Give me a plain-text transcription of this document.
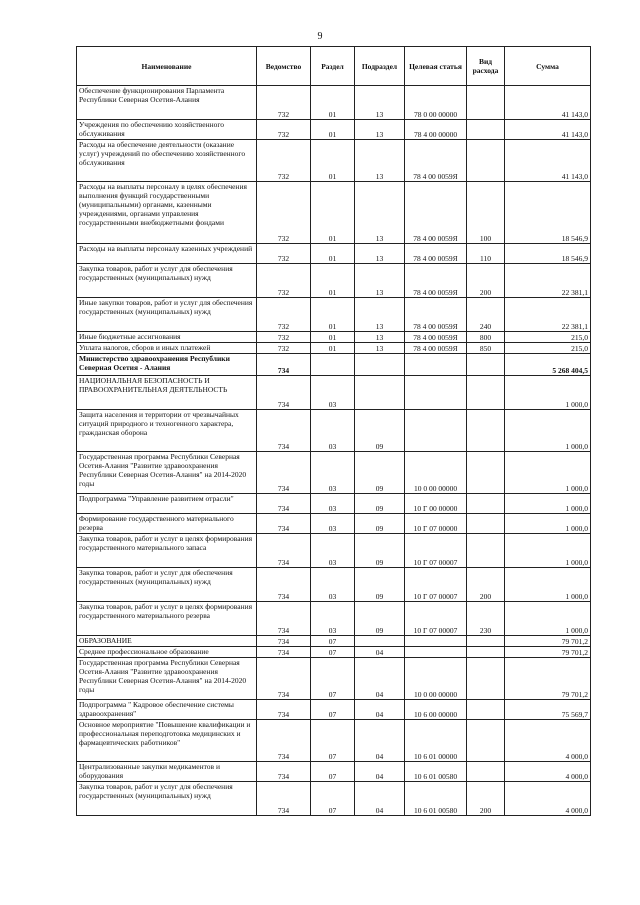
9
Наименование	Ведомство	Раздел	Подраздел	Целевая статья	Вид расхода	Сумма
Обеспечение функционирования Парламента Республики Северная Осетия-Алания	732	01	13	78 0 00 00000		41 143,0
Учреждения по обеспечению хозяйственного обслуживания	732	01	13	78 4 00 00000		41 143,0
Расходы на обеспечение деятельности (оказание услуг) учреждений по обеспечению хозяйственного обслуживания	732	01	13	78 4 00 0059Я		41 143,0
Расходы на выплаты персоналу в целях обеспечения выполнения функций государственными (муниципальными) органами, казенными учреждениями, органами управления государственными внебюджетными фондами	732	01	13	78 4 00 0059Я	100	18 546,9
Расходы на выплаты персоналу казенных учреждений	732	01	13	78 4 00 0059Я	110	18 546,9
Закупка товаров, работ и услуг для обеспечения государственных (муниципальных) нужд	732	01	13	78 4 00 0059Я	200	22 381,1
Иные закупки товаров, работ и услуг для обеспечения государственных (муниципальных) нужд	732	01	13	78 4 00 0059Я	240	22 381,1
Иные бюджетные ассигнования	732	01	13	78 4 00 0059Я	800	215,0
Уплата налогов, сборов и иных платежей	732	01	13	78 4 00 0059Я	850	215,0
Министерство здравоохранения Республики Северная Осетия - Алания	734					5 268 404,5
НАЦИОНАЛЬНАЯ БЕЗОПАСНОСТЬ И ПРАВООХРАНИТЕЛЬНАЯ ДЕЯТЕЛЬНОСТЬ	734	03				1 000,0
Защита населения и территории от чрезвычайных ситуаций природного и техногенного характера, гражданская оборона	734	03	09			1 000,0
Государственная программа Республики Северная Осетия-Алания "Развитие здравоохранения Республики Северная Осетия-Алания" на 2014-2020 годы	734	03	09	10 0 00 00000		1 000,0
Подпрограмма "Управление развитием отрасли"	734	03	09	10 Г 00 00000		1 000,0
Формирование государственного материального резерва	734	03	09	10 Г 07 00000		1 000,0
Закупка товаров, работ и услуг в целях формирования государственного материального запаса	734	03	09	10 Г 07 00007		1 000,0
Закупка товаров, работ и услуг для обеспечения государственных (муниципальных) нужд	734	03	09	10 Г 07 00007	200	1 000,0
Закупка товаров, работ и услуг в целях формирования государственного материального резерва	734	03	09	10 Г 07 00007	230	1 000,0
ОБРАЗОВАНИЕ	734	07				79 701,2
Среднее профессиональное образование	734	07	04			79 701,2
Государственная программа Республики Северная Осетия-Алания "Развитие здравоохранения Республики Северная Осетия-Алания" на 2014-2020 годы	734	07	04	10 0 00 00000		79 701,2
Подпрограмма " Кадровое обеспечение системы здравоохранения"	734	07	04	10 6 00 00000		75 569,7
Основное мероприятие "Повышение квалификации и профессиональная переподготовка медицинских и фармацевтических работников"	734	07	04	10 6 01 00000		4 000,0
Централизованные закупки медикаментов и оборудования	734	07	04	10 6 01 00580		4 000,0
Закупка товаров, работ и услуг для обеспечения государственных (муниципальных) нужд	734	07	04	10 6 01 00580	200	4 000,0
